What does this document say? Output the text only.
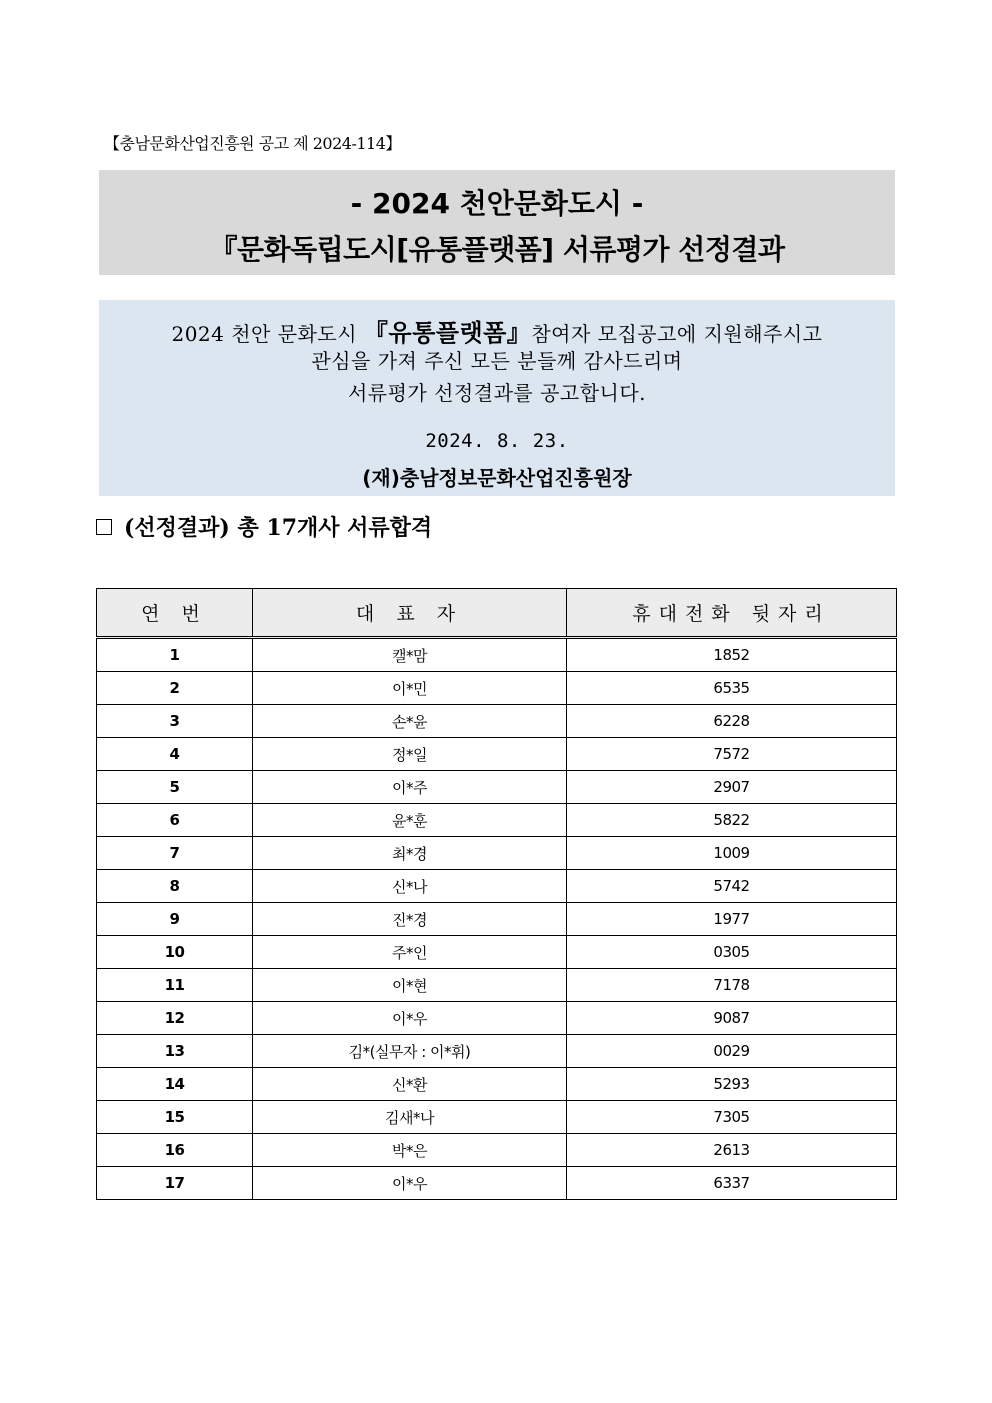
【충남문화산업진흥원 공고 제 2024-114】
- 2024 천안문화도시 -
『문화독립도시[유통플랫폼] 서류평가 선정결과
2024 천안 문화도시 『유통플랫폼』참여자 모집공고에 지원해주시고
관심을 가져 주신 모든 분들께 감사드리며
서류평가 선정결과를 공고합니다.
2024. 8. 23.
(재)충남정보문화산업진흥원장
(선정결과) 총 17개사 서류합격
연 번	대 표 자	휴대전화 뒷자리
1	캘*맘	1852
2	이*민	6535
3	손*윤	6228
4	정*일	7572
5	이*주	2907
6	윤*훈	5822
7	최*경	1009
8	신*나	5742
9	진*경	1977
10	주*인	0305
11	이*현	7178
12	이*우	9087
13	김*(실무자 : 이*휘)	0029
14	신*환	5293
15	김새*나	7305
16	박*은	2613
17	이*우	6337
